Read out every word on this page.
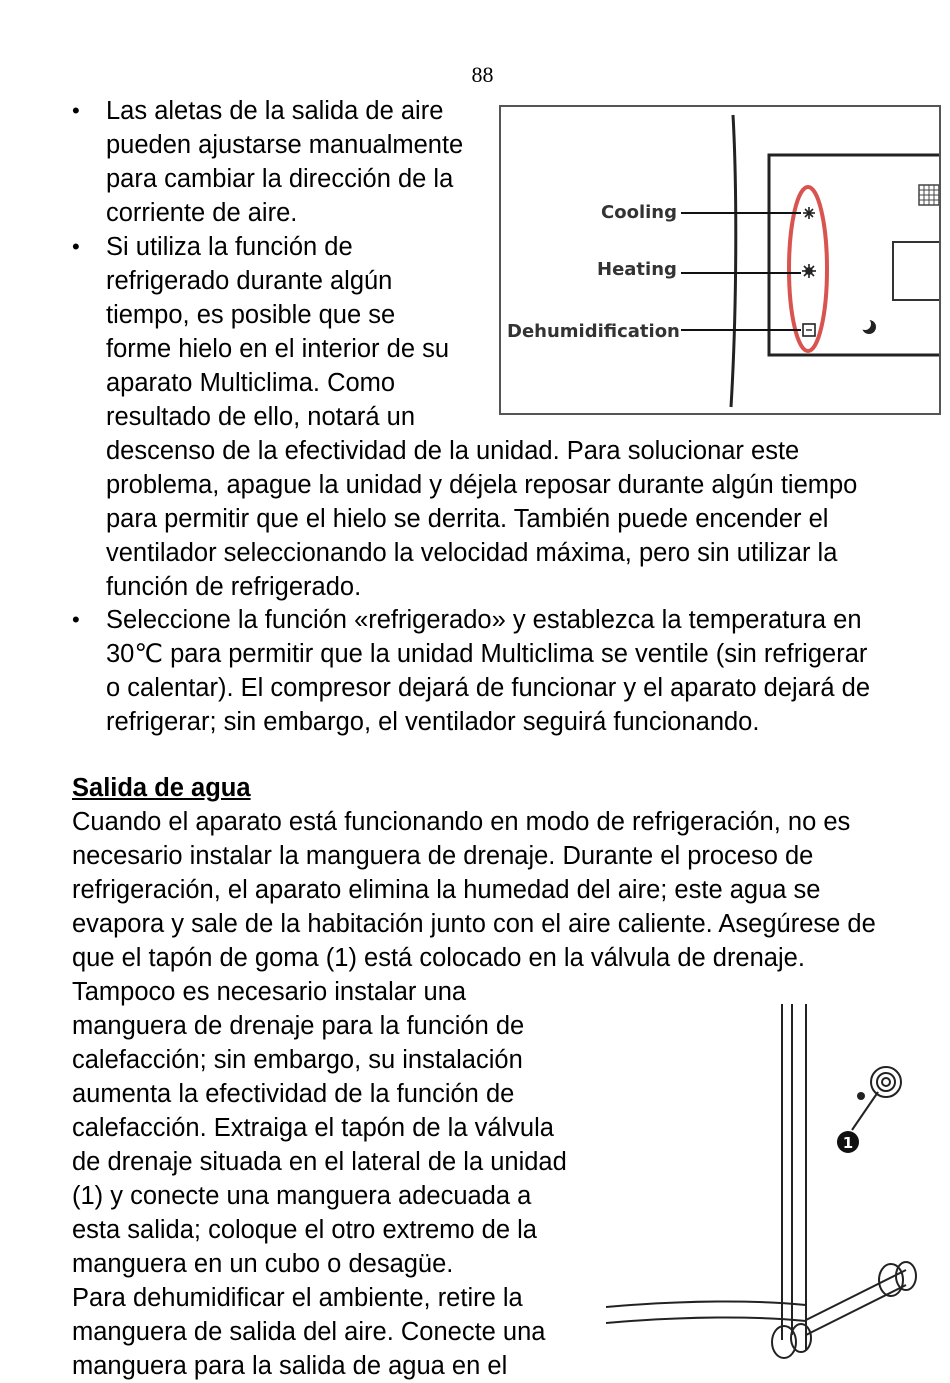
88
• Las aletas de la salida de aire
pueden ajustarse manualmente
para cambiar la dirección de la
corriente de aire.
• Si utiliza la función de
refrigerado durante algún
tiempo, es posible que se
forme hielo en el interior de su
aparato Multiclima. Como
resultado de ello, notará un
descenso de la efectividad de la unidad. Para solucionar este
problema, apague la unidad y déjela reposar durante algún tiempo
para permitir que el hielo se derrita. También puede encender el
ventilador seleccionando la velocidad máxima, pero sin utilizar la
función de refrigerado.
• Seleccione la función «refrigerado» y establezca la temperatura en
30℃ para permitir que la unidad Multiclima se ventile (sin refrigerar
o calentar). El compresor dejará de funcionar y el aparato dejará de
refrigerar; sin embargo, el ventilador seguirá funcionando.
Salida de agua
Cuando el aparato está funcionando en modo de refrigeración, no es
necesario instalar la manguera de drenaje. Durante el proceso de
refrigeración, el aparato elimina la humedad del aire; este agua se
evapora y sale de la habitación junto con el aire caliente. Asegúrese de
que el tapón de goma (1) está colocado en la válvula de drenaje.
Tampoco es necesario instalar una
manguera de drenaje para la función de
calefacción; sin embargo, su instalación
aumenta la efectividad de la función de
calefacción. Extraiga el tapón de la válvula
de drenaje situada en el lateral de la unidad
(1) y conecte una manguera adecuada a
esta salida; coloque el otro extremo de la
manguera en un cubo o desagüe.
Para dehumidificar el ambiente, retire la
manguera de salida del aire. Conecte una
manguera para la salida de agua en el
Cooling
Heating
Dehumidification
1
